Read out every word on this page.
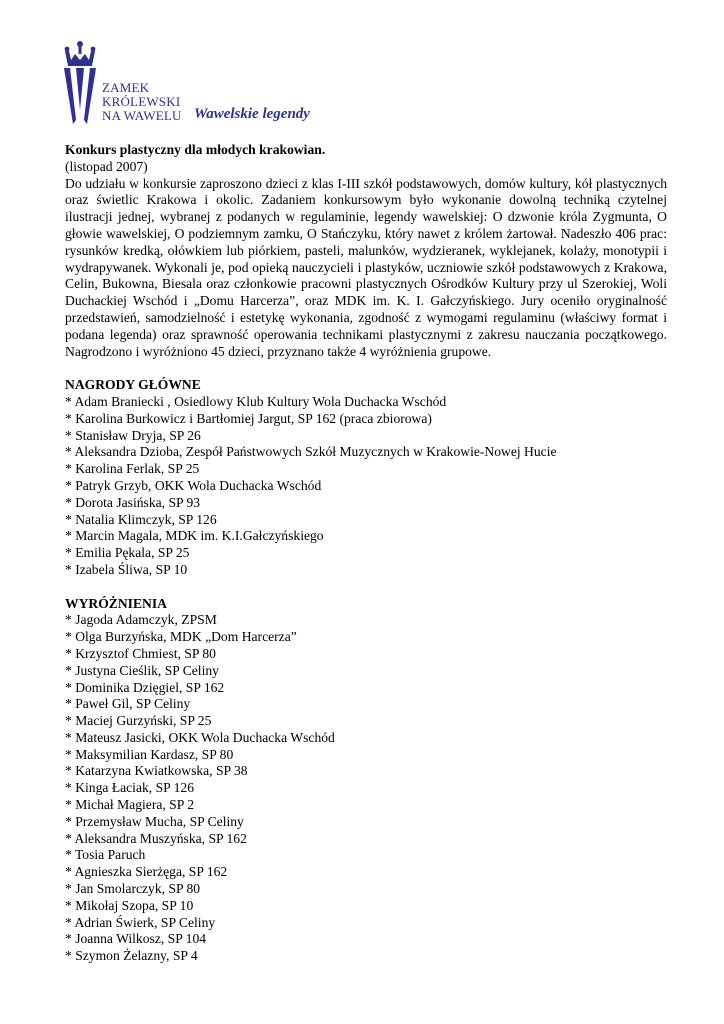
ZAMEK
KRÓLEWSKI
NA WAWELU Wawelskie legendy
Konkurs plastyczny dla młodych krakowian.
(listopad 2007)

Do udziału w konkursie zaproszono dzieci z klas I-III szkół podstawowych, domów kultury, kół plastycznych oraz świetlic Krakowa i okolic. Zadaniem konkursowym było wykonanie dowolną techniką czytelnej ilustracji jednej, wybranej z podanych w regulaminie, legendy wawelskiej: O dzwonie króla Zygmunta, O głowie wawelskiej, O podziemnym zamku, O Stańczyku, który nawet z królem żartował. Nadeszło 406 prac: rysunków kredką, ołówkiem lub piórkiem, pasteli, malunków, wydzieranek, wyklejanek, kolaży, monotypii i wydrapywanek. Wykonali je, pod opieką nauczycieli i plastyków, uczniowie szkół podstawowych z Krakowa, Celin, Bukowna, Biesala oraz członkowie pracowni plastycznych Ośrodków Kultury przy ul Szerokiej, Woli Duchackiej Wschód i „Domu Harcerza”, oraz MDK im. K. I. Gałczyńskiego. Jury oceniło oryginalność przedstawień, samodzielność i estetykę wykonania, zgodność z wymogami regulaminu (właściwy format i podana legenda) oraz sprawność operowania technikami plastycznymi z zakresu nauczania początkowego. Nagrodzono i wyróżniono 45 dzieci, przyznano także 4 wyróżnienia grupowe.

NAGRODY GŁÓWNE
* Adam Braniecki , Osiedlowy Klub Kultury Wola Duchacka Wschód
* Karolina Burkowicz i Bartłomiej Jargut, SP 162 (praca zbiorowa)
* Stanisław Dryja, SP 26
* Aleksandra Dzioba, Zespół Państwowych Szkół Muzycznych w Krakowie-Nowej Hucie
* Karolina Ferlak, SP 25
* Patryk Grzyb, OKK Wola Duchacka Wschód
* Dorota Jasińska, SP 93
* Natalia Klimczyk, SP 126
* Marcin Magala, MDK im. K.I.Gałczyńskiego
* Emilia Pękala, SP 25
* Izabela Śliwa, SP 10
WYRÓŻNIENIA
* Jagoda Adamczyk, ZPSM
* Olga Burzyńska, MDK „Dom Harcerza”
* Krzysztof Chmiest, SP 80
* Justyna Cieślik, SP Celiny
* Dominika Dzięgiel, SP 162
* Paweł Gil, SP Celiny
* Maciej Gurzyński, SP 25
* Mateusz Jasicki, OKK Wola Duchacka Wschód
* Maksymilian Kardasz, SP 80
* Katarzyna Kwiatkowska, SP 38
* Kinga Łaciak, SP 126
* Michał Magiera, SP 2
* Przemysław Mucha, SP Celiny
* Aleksandra Muszyńska, SP 162
* Tosia Paruch
* Agnieszka Sierżęga, SP 162
* Jan Smolarczyk, SP 80
* Mikołaj Szopa, SP 10
* Adrian Świerk, SP Celiny
* Joanna Wilkosz, SP 104
* Szymon Żelazny, SP 4
